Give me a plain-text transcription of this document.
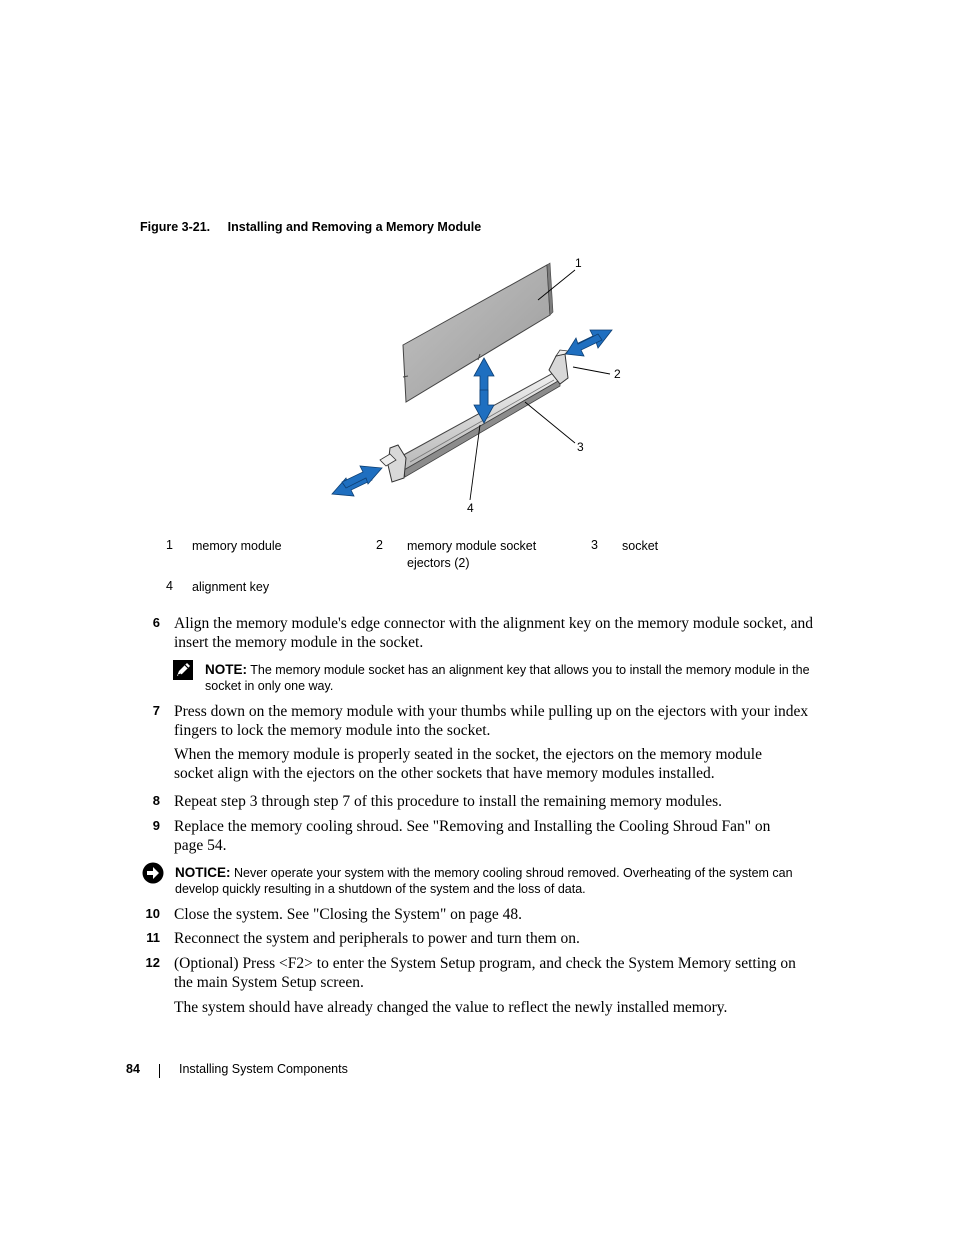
Figure 3-21. Installing and Removing a Memory Module
1
2
3
4
1 memory module	2 memory module socket
ejectors (2)
3 socket
4 alignment key
6 Align the memory module's edge connector with the alignment key on the memory module socket, and
insert the memory module in the socket.
NOTE: The memory module socket has an alignment key that allows you to install the memory module in the
socket in only one way.
7 Press down on the memory module with your thumbs while pulling up on the ejectors with your index
fingers to lock the memory module into the socket.
When the memory module is properly seated in the socket, the ejectors on the memory module
socket align with the ejectors on the other sockets that have memory modules installed.
8 Repeat step 3 through step 7 of this procedure to install the remaining memory modules.
9 Replace the memory cooling shroud. See "Removing and Installing the Cooling Shroud Fan" on
page 54.
NOTICE: Never operate your system with the memory cooling shroud removed. Overheating of the system can
develop quickly resulting in a shutdown of the system and the loss of data.
10 Close the system. See "Closing the System" on page 48.
11 Reconnect the system and peripherals to power and turn them on.
12 (Optional) Press <F2> to enter the System Setup program, and check the System Memory setting on
the main System Setup screen.
The system should have already changed the value to reflect the newly installed memory.
84	Installing System Components
